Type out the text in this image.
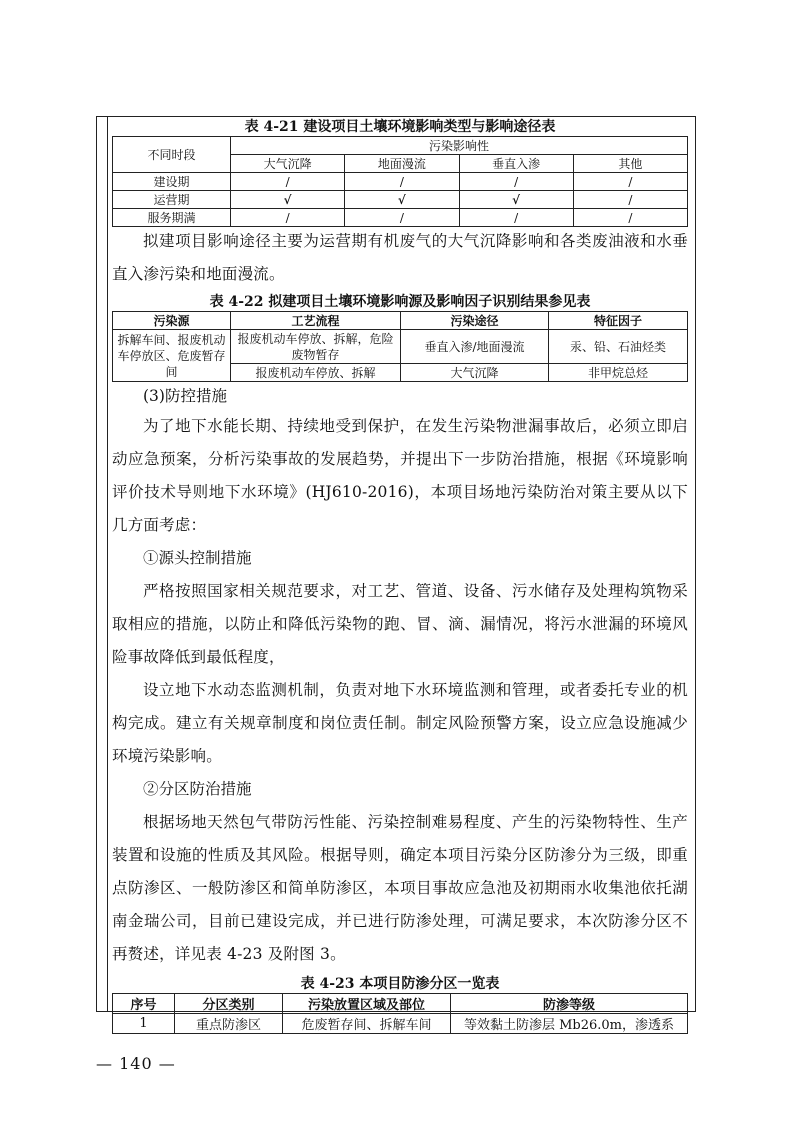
表 4-21 建设项目土壤环境影响类型与影响途径表

不同时段	污染影响性			
	大气沉降	地面漫流	垂直入渗	其他
建设期	/	/	/	/
运营期	√	√	√	/
服务期满	/	/	/	/

拟建项目影响途径主要为运营期有机废气的大气沉降影响和各类废油液和水垂直入渗污染和地面漫流。

表 4-22 拟建项目土壤环境影响源及影响因子识别结果参见表

污染源	工艺流程	污染途径	特征因子
拆解车间、报废机动车停放区、危废暂存间	报废机动车停放、拆解，危险废物暂存	垂直入渗/地面漫流	汞、铅、石油烃类
	报废机动车停放、拆解	大气沉降	非甲烷总烃

(3)防控措施

为了地下水能长期、持续地受到保护，在发生污染物泄漏事故后，必须立即启动应急预案，分析污染事故的发展趋势，并提出下一步防治措施，根据《环境影响评价技术导则地下水环境》(HJ610-2016)，本项目场地污染防治对策主要从以下几方面考虑：

①源头控制措施

严格按照国家相关规范要求，对工艺、管道、设备、污水储存及处理构筑物采取相应的措施，以防止和降低污染物的跑、冒、滴、漏情况，将污水泄漏的环境风险事故降低到最低程度，

设立地下水动态监测机制，负责对地下水环境监测和管理，或者委托专业的机构完成。建立有关规章制度和岗位责任制。制定风险预警方案，设立应急设施减少环境污染影响。

②分区防治措施

根据场地天然包气带防污性能、污染控制难易程度、产生的污染物特性、生产装置和设施的性质及其风险。根据导则，确定本项目污染分区防渗分为三级，即重点防渗区、一般防渗区和简单防渗区，本项目事故应急池及初期雨水收集池依托湖南金瑞公司，目前已建设完成，并已进行防渗处理，可满足要求，本次防渗分区不再赘述，详见表 4-23 及附图 3。

表 4-23 本项目防渗分区一览表

序号	分区类别	污染放置区域及部位	防渗等级
1	重点防渗区	危废暂存间、拆解车间	等效黏土防渗层 Mb26.0m，渗透系
— 140 —
